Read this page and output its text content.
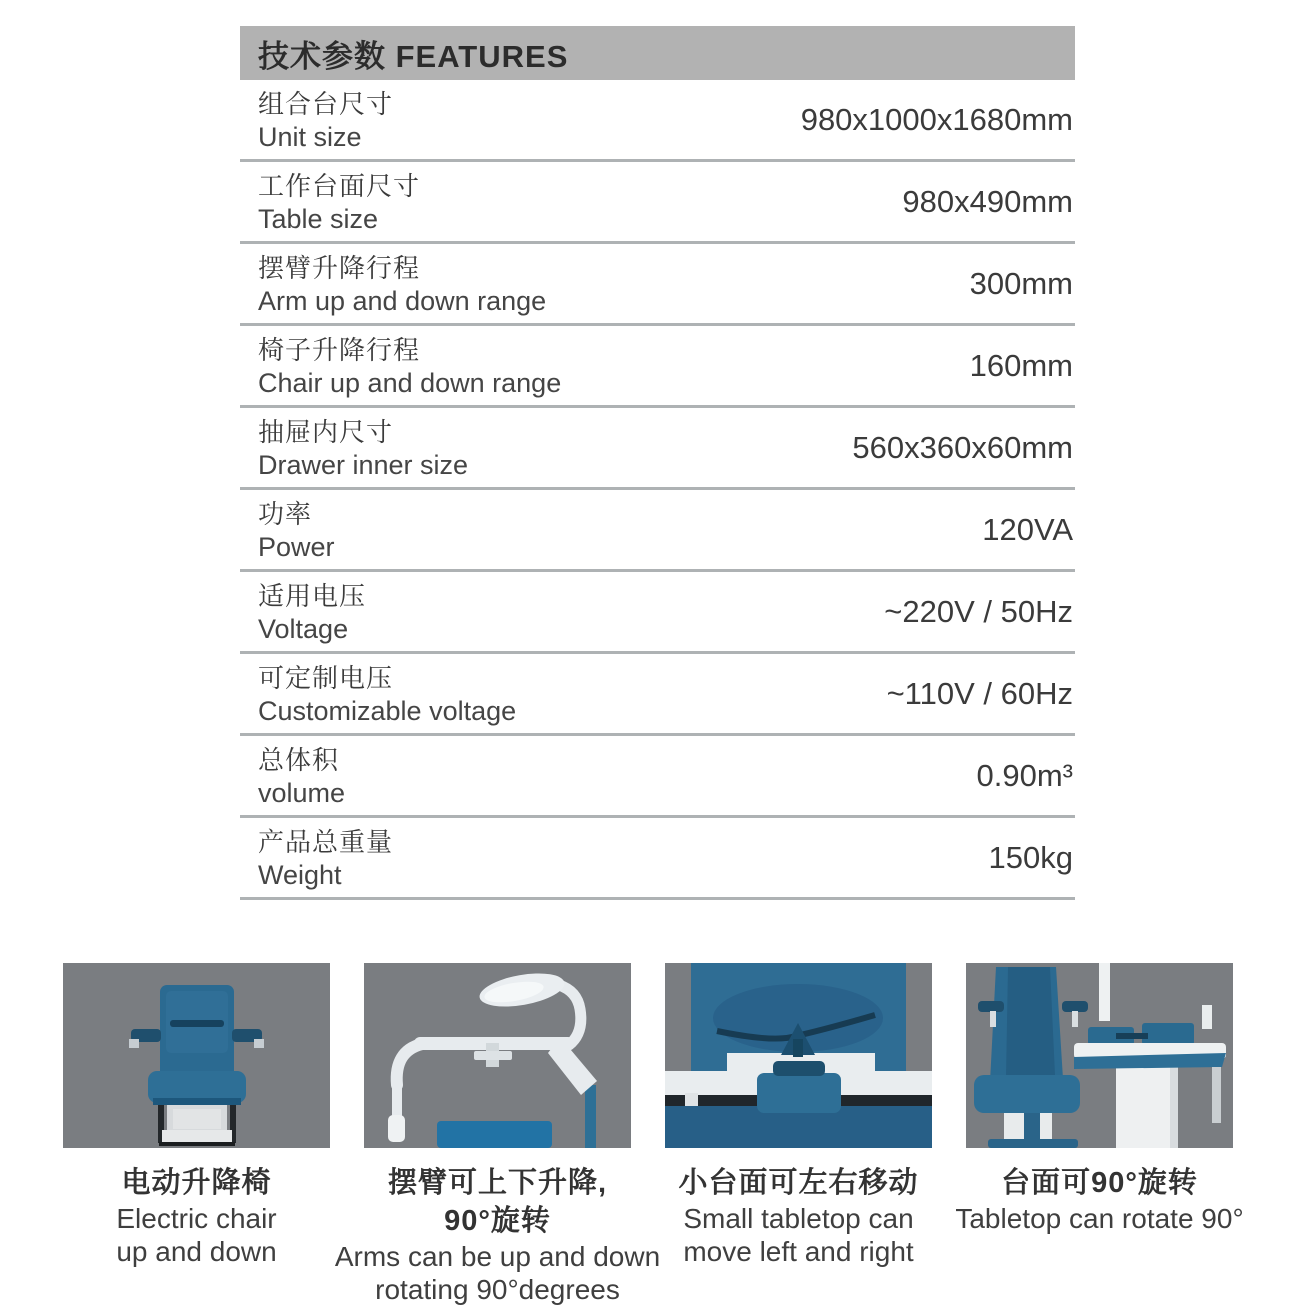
技术参数 FEATURES
组合台尺寸
Unit size	980x1000x1680mm
工作台面尺寸
Table size	980x490mm
摆臂升降行程
Arm up and down range	300mm
椅子升降行程
Chair up and down range	160mm
抽屉内尺寸
Drawer inner size	560x360x60mm
功率
Power	120VA
适用电压
Voltage	~220V / 50Hz
可定制电压
Customizable voltage	~110V / 60Hz
总体积
volume	0.90m³
产品总重量
Weight	150kg
电动升降椅
Electric chair
up and down
摆臂可上下升降,
90°旋转
Arms can be up and down
rotating 90°degrees
小台面可左右移动
Small tabletop can
move left and right
台面可90°旋转
Tabletop can rotate 90°
